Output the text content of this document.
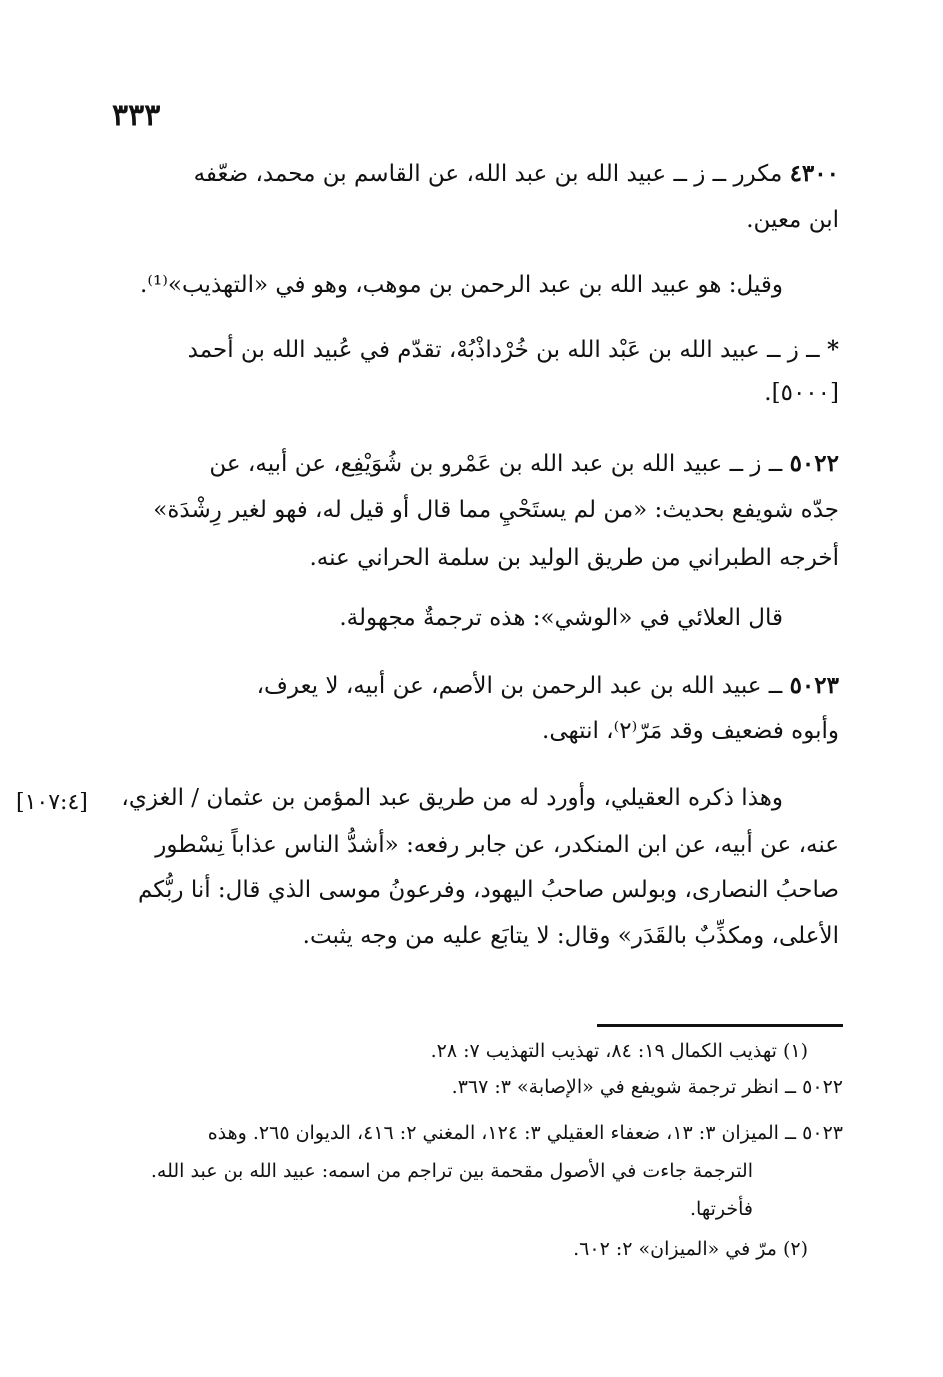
٣٣٣
٤٣٠٠ مكرر ــ ز ــ عبيد الله بن عبد الله، عن القاسم بن محمد، ضعّفه
ابن معين.
وقيل: هو عبيد الله بن عبد الرحمن بن موهب، وهو في «التهذيب»⁽¹⁾.
* ــ ز ــ عبيد الله بن عَبْد الله بن خُرْداذْبُهْ، تقدّم في عُبيد الله بن أحمد
[٥٠٠٠].
٥٠٢٢ ــ ز ــ عبيد الله بن عبد الله بن عَمْرو بن شُوَيْفِع، عن أبيه، عن
جدّه شويفع بحديث: «من لم يستَحْيِ مما قال أو قيل له، فهو لغير رِشْدَة»
أخرجه الطبراني من طريق الوليد بن سلمة الحراني عنه.
قال العلائي في «الوشي»: هذه ترجمةٌ مجهولة.
٥٠٢٣ ــ عبيد الله بن عبد الرحمن بن الأصم، عن أبيه، لا يعرف،
وأبوه فضعيف وقد مَرّ⁽٢⁾، انتهى.
وهذا ذكره العقيلي، وأورد له من طريق عبد المؤمن بن عثمان / الغزي،
[١٠٧:٤]
عنه، عن أبيه، عن ابن المنكدر، عن جابر رفعه: «أشدُّ الناس عذاباً نِسْطور
صاحبُ النصارى، وبولس صاحبُ اليهود، وفرعونُ موسى الذي قال: أنا ربُّكم
الأعلى، ومكذِّبٌ بالقَدَر» وقال: لا يتابَع عليه من وجه يثبت.
(١) تهذيب الكمال ١٩: ٨٤، تهذيب التهذيب ٧: ٢٨.
٥٠٢٢ ــ انظر ترجمة شويفع في «الإصابة» ٣: ٣٦٧.
٥٠٢٣ ــ الميزان ٣: ١٣، ضعفاء العقيلي ٣: ١٢٤، المغني ٢: ٤١٦، الديوان ٢٦٥. وهذه
الترجمة جاءت في الأصول مقحمة بين تراجم من اسمه: عبيد الله بن عبد الله.
فأخرتها.
(٢) مرّ في «الميزان» ٢: ٦٠٢.
